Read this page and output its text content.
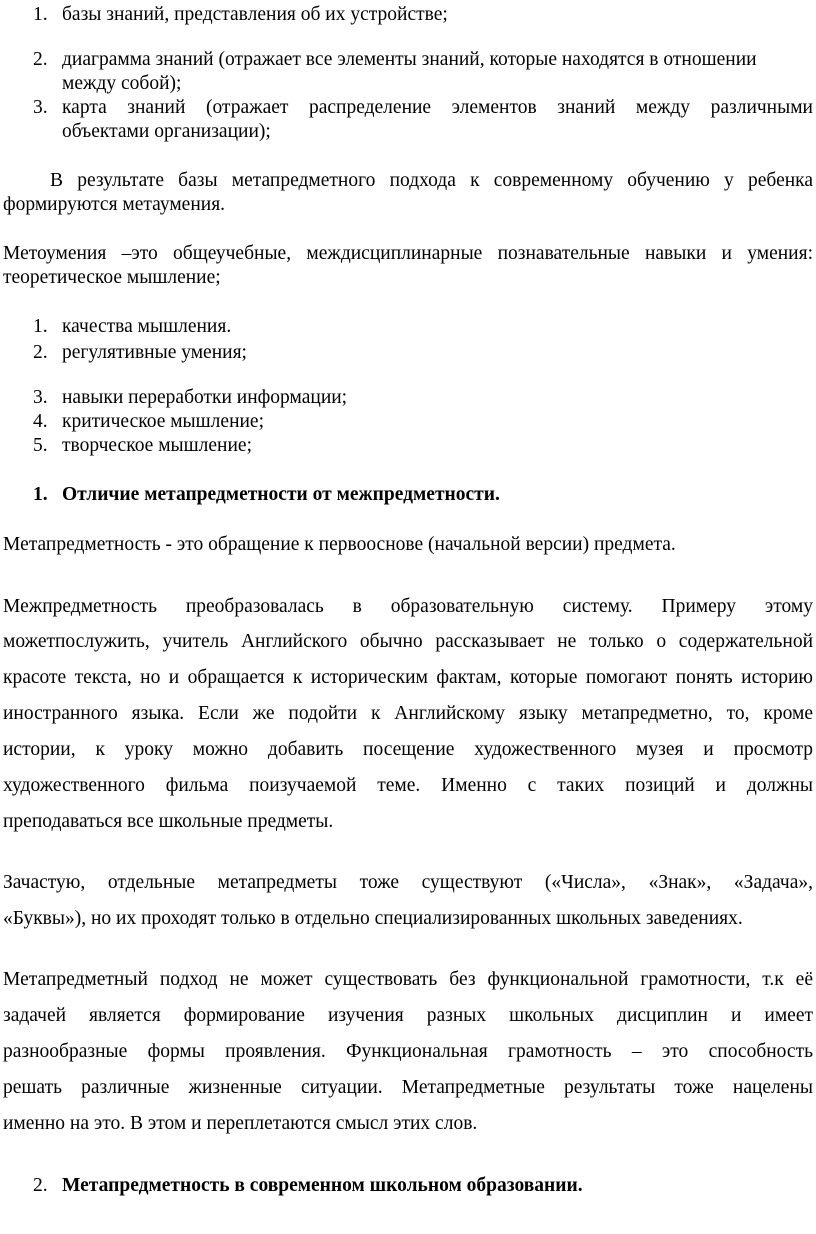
1. базы знаний, представления об их устройстве;
2. диаграмма знаний (отражает все элементы знаний, которые находятся в отношении
между собой);
3. карта знаний (отражает распределение элементов знаний между различными
объектами организации);
В результате базы метапредметного подхода к современному обучению у ребенка
формируются метаумения.
Метоумения –это общеучебные, междисциплинарные познавательные навыки и умения:
теоретическое мышление;
1. качества мышления.
2. регулятивные умения;
3. навыки переработки информации;
4. критическое мышление;
5. творческое мышление;
1. Отличие метапредметности от межпредметности.
Метапредметность - это обращение к первооснове (начальной версии) предмета.
Межпредметность преобразовалась в образовательную систему. Примеру этому
можетпослужить, учитель Английского обычно рассказывает не только о содержательной
красоте текста, но и обращается к историческим фактам, которые помогают понять историю
иностранного языка. Если же подойти к Английскому языку метапредметно, то, кроме
истории, к уроку можно добавить посещение художественного музея и просмотр
художественного фильма поизучаемой теме. Именно с таких позиций и должны
преподаваться все школьные предметы.
Зачастую, отдельные метапредметы тоже существуют («Числа», «Знак», «Задача»,
«Буквы»), но их проходят только в отдельно специализированных школьных заведениях.
Метапредметный подход не может существовать без функциональной грамотности, т.к её
задачей является формирование изучения разных школьных дисциплин и имеет
разнообразные формы проявления. Функциональная грамотность – это способность
решать различные жизненные ситуации. Метапредметные результаты тоже нацелены
именно на это. В этом и переплетаются смысл этих слов.
2. Метапредметность в современном школьном образовании.
